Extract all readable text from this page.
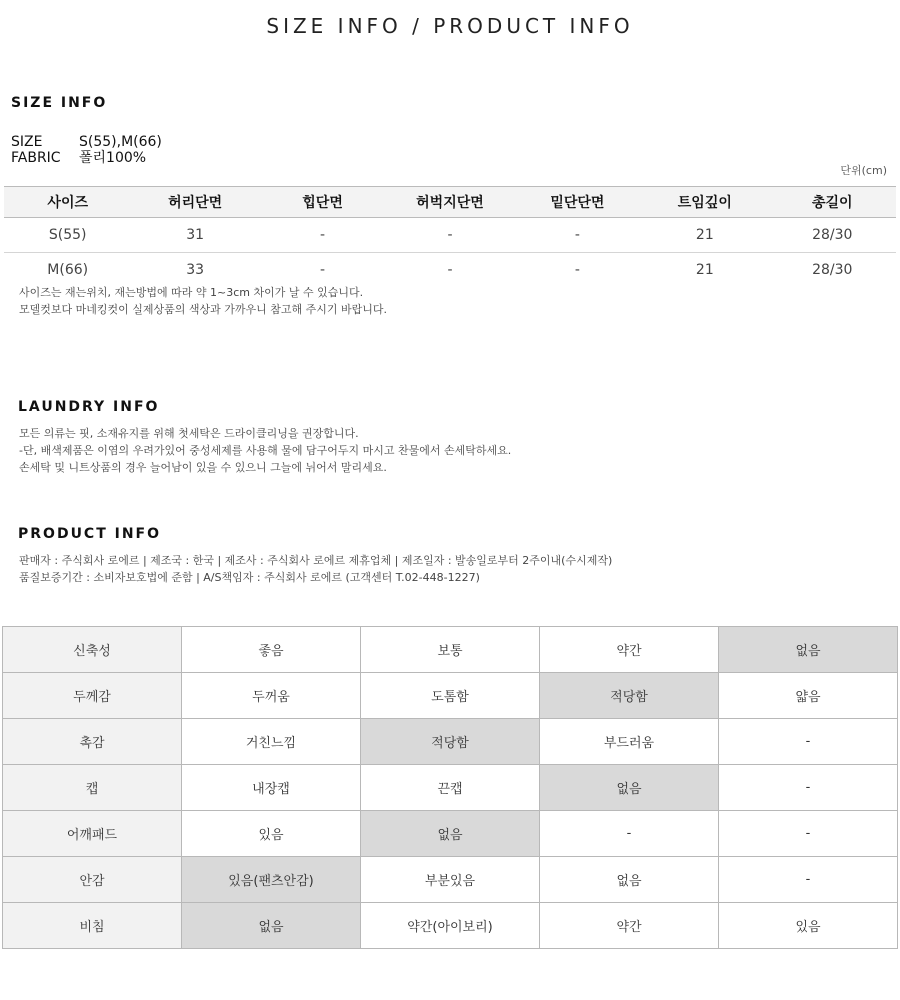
SIZE INFO / PRODUCT INFO
SIZE INFO
SIZE	S(55),M(66)
FABRIC	폴리100%
단위(cm)
사이즈	허리단면	힙단면	허벅지단면	밑단단면	트임깊이	총길이
S(55)	31	-	-	-	21	28/30
M(66)	33	-	-	-	21	28/30
사이즈는 재는위치, 재는방법에 따라 약 1~3cm 차이가 날 수 있습니다.
모델컷보다 마네킹컷이 실제상품의 색상과 가까우니 참고해 주시기 바랍니다.
LAUNDRY INFO
모든 의류는 핏, 소재유지를 위해 첫세탁은 드라이클리닝을 권장합니다.
-단, 배색제품은 이염의 우려가있어 중성세제를 사용해 물에 담구어두지 마시고 찬물에서 손세탁하세요.
손세탁 및 니트상품의 경우 늘어남이 있을 수 있으니 그늘에 뉘어서 말리세요.
PRODUCT INFO
판매자 : 주식회사 로에르 | 제조국 : 한국 | 제조사 : 주식회사 로에르 제휴업체 | 제조일자 : 발송일로부터 2주이내(수시제작)
품질보증기간 : 소비자보호법에 준함 | A/S책임자 : 주식회사 로에르 (고객센터 T.02-448-1227)
신축성	좋음	보통	약간	없음
두께감	두꺼움	도톰함	적당함	얇음
촉감	거친느낌	적당함	부드러움	-
캡	내장캡	끈캡	없음	-
어깨패드	있음	없음	-	-
안감	있음(팬츠안감)	부분있음	없음	-
비침	없음	약간(아이보리)	약간	있음
